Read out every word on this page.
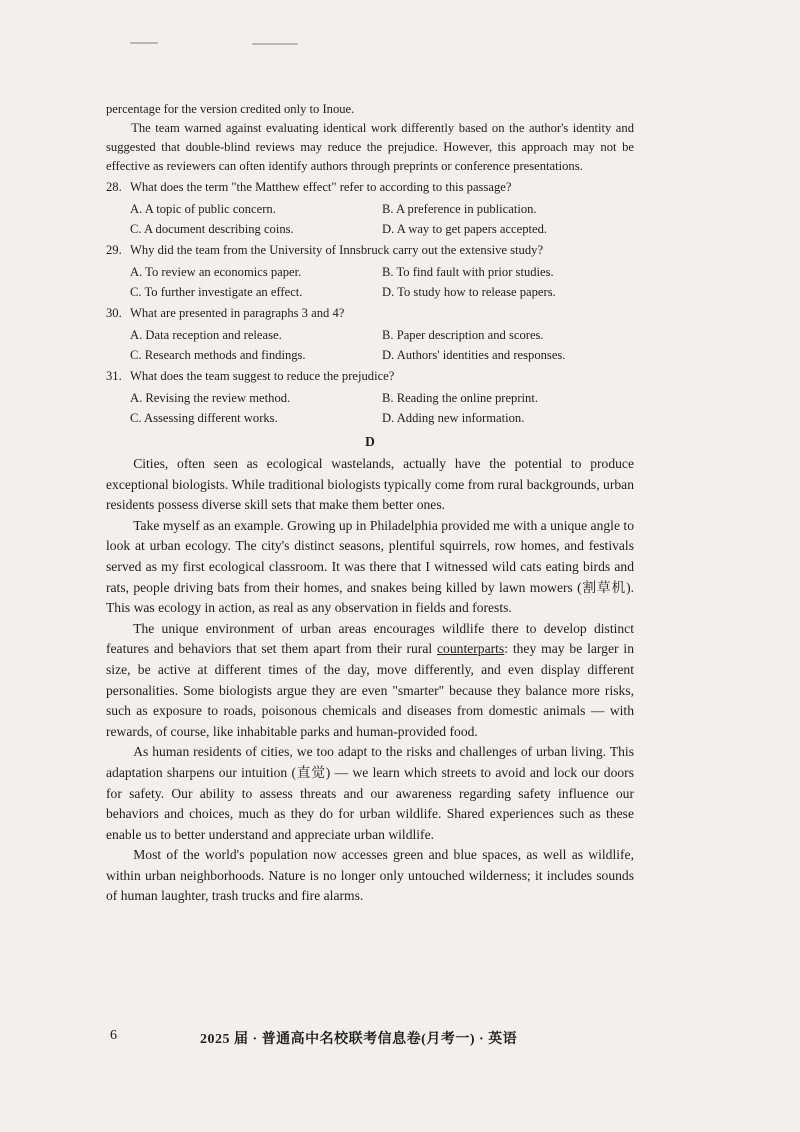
percentage for the version credited only to Inoue.

The team warned against evaluating identical work differently based on the author's identity and suggested that double-blind reviews may reduce the prejudice. However, this approach may not be effective as reviewers can often identify authors through preprints or conference presentations.

28. What does the term "the Matthew effect" refer to according to this passage?
A. A topic of public concern.	B. A preference in publication.
C. A document describing coins.	D. A way to get papers accepted.
29. Why did the team from the University of Innsbruck carry out the extensive study?
A. To review an economics paper.	B. To find fault with prior studies.
C. To further investigate an effect.	D. To study how to release papers.
30. What are presented in paragraphs 3 and 4?
A. Data reception and release.	B. Paper description and scores.
C. Research methods and findings.	D. Authors' identities and responses.
31. What does the team suggest to reduce the prejudice?
A. Revising the review method.	B. Reading the online preprint.
C. Assessing different works.	D. Adding new information.
D

Cities, often seen as ecological wastelands, actually have the potential to produce exceptional biologists. While traditional biologists typically come from rural backgrounds, urban residents possess diverse skill sets that make them better ones.

Take myself as an example. Growing up in Philadelphia provided me with a unique angle to look at urban ecology. The city's distinct seasons, plentiful squirrels, row homes, and festivals served as my first ecological classroom. It was there that I witnessed wild cats eating birds and rats, people driving bats from their homes, and snakes being killed by lawn mowers (割草机). This was ecology in action, as real as any observation in fields and forests.

The unique environment of urban areas encourages wildlife there to develop distinct features and behaviors that set them apart from their rural counterparts: they may be larger in size, be active at different times of the day, move differently, and even display different personalities. Some biologists argue they are even "smarter" because they balance more risks, such as exposure to roads, poisonous chemicals and diseases from domestic animals — with rewards, of course, like inhabitable parks and human-provided food.

As human residents of cities, we too adapt to the risks and challenges of urban living. This adaptation sharpens our intuition (直觉) — we learn which streets to avoid and lock our doors for safety. Our ability to assess threats and our awareness regarding safety influence our behaviors and choices, much as they do for urban wildlife. Shared experiences such as these enable us to better understand and appreciate urban wildlife.

Most of the world's population now accesses green and blue spaces, as well as wildlife, within urban neighborhoods. Nature is no longer only untouched wilderness; it includes sounds of human laughter, trash trucks and fire alarms.

6	2025 届 · 普通高中名校联考信息卷(月考一) · 英语
